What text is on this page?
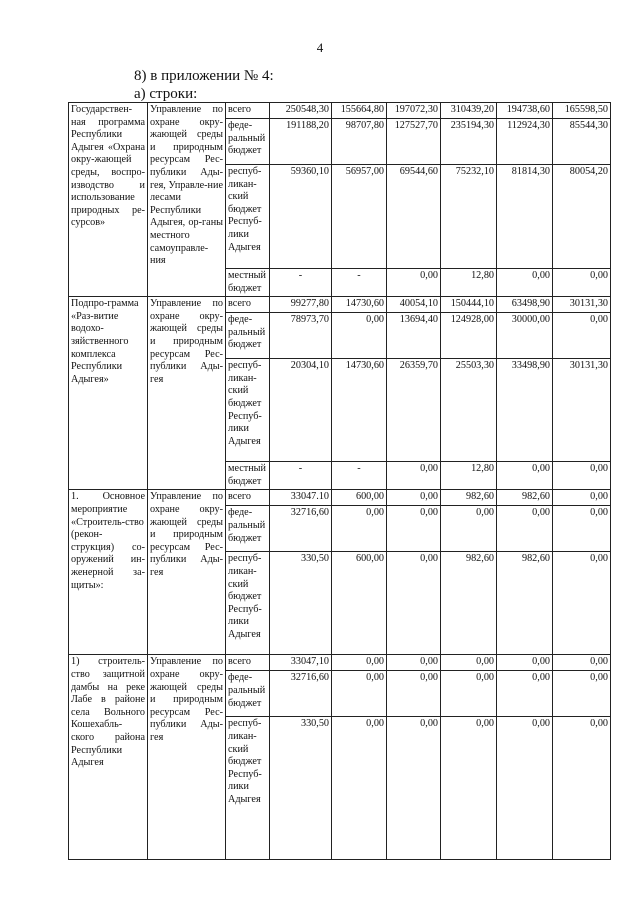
4
8) в приложении № 4:
а) строки:
Государствен-ная программа Республики Адыгея «Охрана окру-жающей среды, воспро-изводство и использование природных ре-сурсов»	Управление по охране окру-жающей среды и природным ресурсам Рес-публики Ады-гея, Управле-ние лесами Республики Адыгея, ор-ганы местного самоуправле-ния	всего	250548,30	155664,80	197072,30	310439,20	194738,60	165598,50
		феде-ральный бюджет	191188,20	98707,80	127527,70	235194,30	112924,30	85544,30
		респуб-ликан-ский бюджет Респуб-лики Адыгея	59360,10	56957,00	69544,60	75232,10	81814,30	80054,20
		местный бюджет	-	-	0,00	12,80	0,00	0,00
Подпро-грамма «Раз-витие водохо-зяйственного комплекса Республики Адыгея»	Управление по охране окру-жающей среды и природным ресурсам Рес-публики Ады-гея	всего	99277,80	14730,60	40054,10	150444,10	63498,90	30131,30
		феде-ральный бюджет	78973,70	0,00	13694,40	124928,00	30000,00	0,00
		респуб-ликан-ский бюджет Респуб-лики Адыгея	20304,10	14730,60	26359,70	25503,30	33498,90	30131,30
		местный бюджет	-	-	0,00	12,80	0,00	0,00
1. Основное мероприятие «Строитель-ство (рекон-струкция) со-оружений ин-женерной за-щиты»:	Управление по охране окру-жающей среды и природным ресурсам Рес-публики Ады-гея	всего	33047.10	600,00	0,00	982,60	982,60	0,00
		феде-ральный бюджет	32716,60	0,00	0,00	0,00	0,00	0,00
		респуб-ликан-ский бюджет Респуб-лики Адыгея	330,50	600,00	0,00	982,60	982,60	0,00
1) строитель-ство защитной дамбы на реке Лабе в районе села Вольного Кошехабль-ского района Республики Адыгея	Управление по охране окру-жающей среды и природным ресурсам Рес-публики Ады-гея	всего	33047,10	0,00	0,00	0,00	0,00	0,00
		феде-ральный бюджет	32716,60	0,00	0,00	0,00	0,00	0,00
		респуб-ликан-ский бюджет Респуб-лики Адыгея	330,50	0,00	0,00	0,00	0,00	0,00
